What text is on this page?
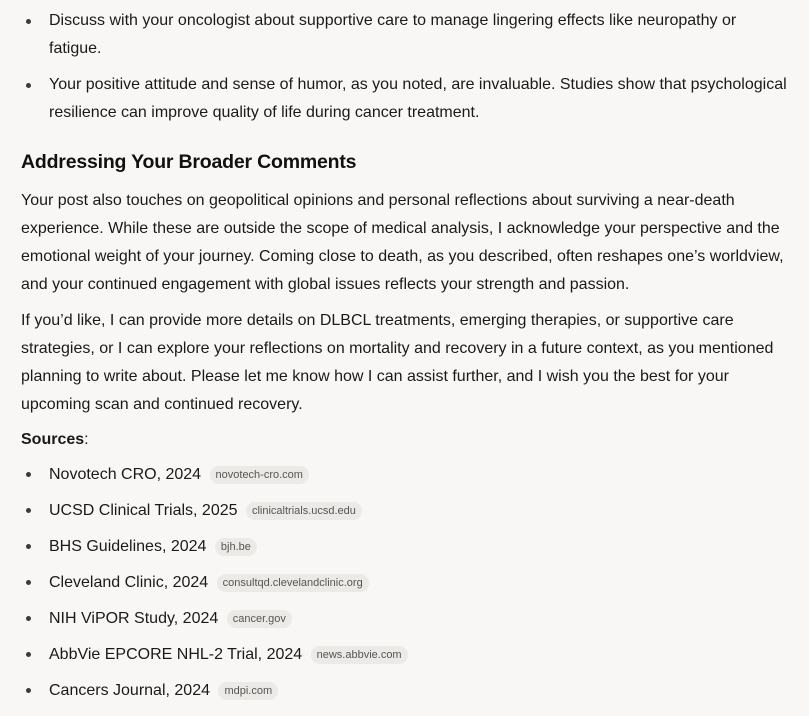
Discuss with your oncologist about supportive care to manage lingering effects like neuropathy or fatigue.
Your positive attitude and sense of humor, as you noted, are invaluable. Studies show that psychological resilience can improve quality of life during cancer treatment.
Addressing Your Broader Comments

Your post also touches on geopolitical opinions and personal reflections about surviving a near-death experience. While these are outside the scope of medical analysis, I acknowledge your perspective and the emotional weight of your journey. Coming close to death, as you described, often reshapes one’s worldview, and your continued engagement with global issues reflects your strength and passion.

If you’d like, I can provide more details on DLBCL treatments, emerging therapies, or supportive care strategies, or I can explore your reflections on mortality and recovery in a future context, as you mentioned planning to write about. Please let me know how I can assist further, and I wish you the best for your upcoming scan and continued recovery.

Sources:

Novotech CRO, 2024 novotech-cro.com
UCSD Clinical Trials, 2025 clinicaltrials.ucsd.edu
BHS Guidelines, 2024 bjh.be
Cleveland Clinic, 2024 consultqd.clevelandclinic.org
NIH ViPOR Study, 2024 cancer.gov
AbbVie EPCORE NHL-2 Trial, 2024 news.abbvie.com
Cancers Journal, 2024 mdpi.com
